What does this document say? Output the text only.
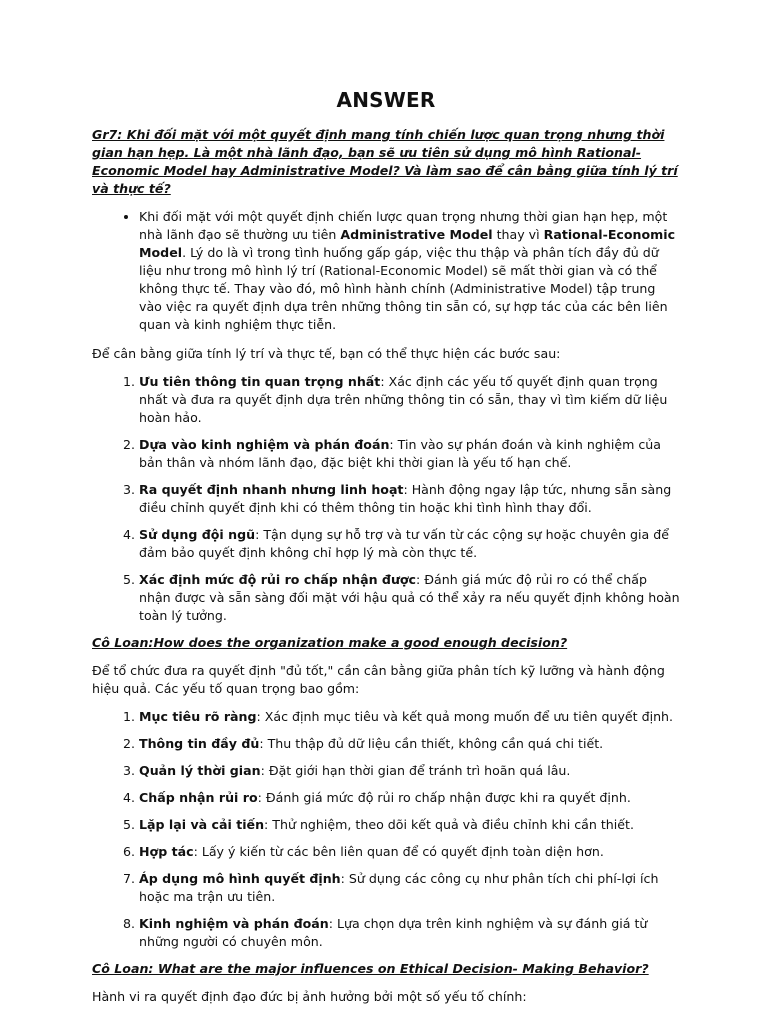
ANSWER

Gr7: Khi đối mặt với một quyết định mang tính chiến lược quan trọng nhưng thời gian hạn hẹp. Là một nhà lãnh đạo, bạn sẽ ưu tiên sử dụng mô hình Rational-Economic Model hay Administrative Model? Và làm sao để cân bằng giữa tính lý trí và thực tế?

• Khi đối mặt với một quyết định chiến lược quan trọng nhưng thời gian hạn hẹp, một nhà lãnh đạo sẽ thường ưu tiên Administrative Model thay vì Rational-Economic Model. Lý do là vì trong tình huống gấp gáp, việc thu thập và phân tích đầy đủ dữ liệu như trong mô hình lý trí (Rational-Economic Model) sẽ mất thời gian và có thể không thực tế. Thay vào đó, mô hình hành chính (Administrative Model) tập trung vào việc ra quyết định dựa trên những thông tin sẵn có, sự hợp tác của các bên liên quan và kinh nghiệm thực tiễn.

Để cân bằng giữa tính lý trí và thực tế, bạn có thể thực hiện các bước sau:

1. Ưu tiên thông tin quan trọng nhất: Xác định các yếu tố quyết định quan trọng nhất và đưa ra quyết định dựa trên những thông tin có sẵn, thay vì tìm kiếm dữ liệu hoàn hảo.
2. Dựa vào kinh nghiệm và phán đoán: Tin vào sự phán đoán và kinh nghiệm của bản thân và nhóm lãnh đạo, đặc biệt khi thời gian là yếu tố hạn chế.
3. Ra quyết định nhanh nhưng linh hoạt: Hành động ngay lập tức, nhưng sẵn sàng điều chỉnh quyết định khi có thêm thông tin hoặc khi tình hình thay đổi.
4. Sử dụng đội ngũ: Tận dụng sự hỗ trợ và tư vấn từ các cộng sự hoặc chuyên gia để đảm bảo quyết định không chỉ hợp lý mà còn thực tế.
5. Xác định mức độ rủi ro chấp nhận được: Đánh giá mức độ rủi ro có thể chấp nhận được và sẵn sàng đối mặt với hậu quả có thể xảy ra nếu quyết định không hoàn toàn lý tưởng.

Cô Loan:How does the organization make a good enough decision?

Để tổ chức đưa ra quyết định "đủ tốt," cần cân bằng giữa phân tích kỹ lưỡng và hành động hiệu quả. Các yếu tố quan trọng bao gồm:

1. Mục tiêu rõ ràng: Xác định mục tiêu và kết quả mong muốn để ưu tiên quyết định.
2. Thông tin đầy đủ: Thu thập đủ dữ liệu cần thiết, không cần quá chi tiết.
3. Quản lý thời gian: Đặt giới hạn thời gian để tránh trì hoãn quá lâu.
4. Chấp nhận rủi ro: Đánh giá mức độ rủi ro chấp nhận được khi ra quyết định.
5. Lặp lại và cải tiến: Thử nghiệm, theo dõi kết quả và điều chỉnh khi cần thiết.
6. Hợp tác: Lấy ý kiến từ các bên liên quan để có quyết định toàn diện hơn.
7. Áp dụng mô hình quyết định: Sử dụng các công cụ như phân tích chi phí-lợi ích hoặc ma trận ưu tiên.
8. Kinh nghiệm và phán đoán: Lựa chọn dựa trên kinh nghiệm và sự đánh giá từ những người có chuyên môn.

Cô Loan: What are the major influences on Ethical Decision- Making Behavior?

Hành vi ra quyết định đạo đức bị ảnh hưởng bởi một số yếu tố chính:
